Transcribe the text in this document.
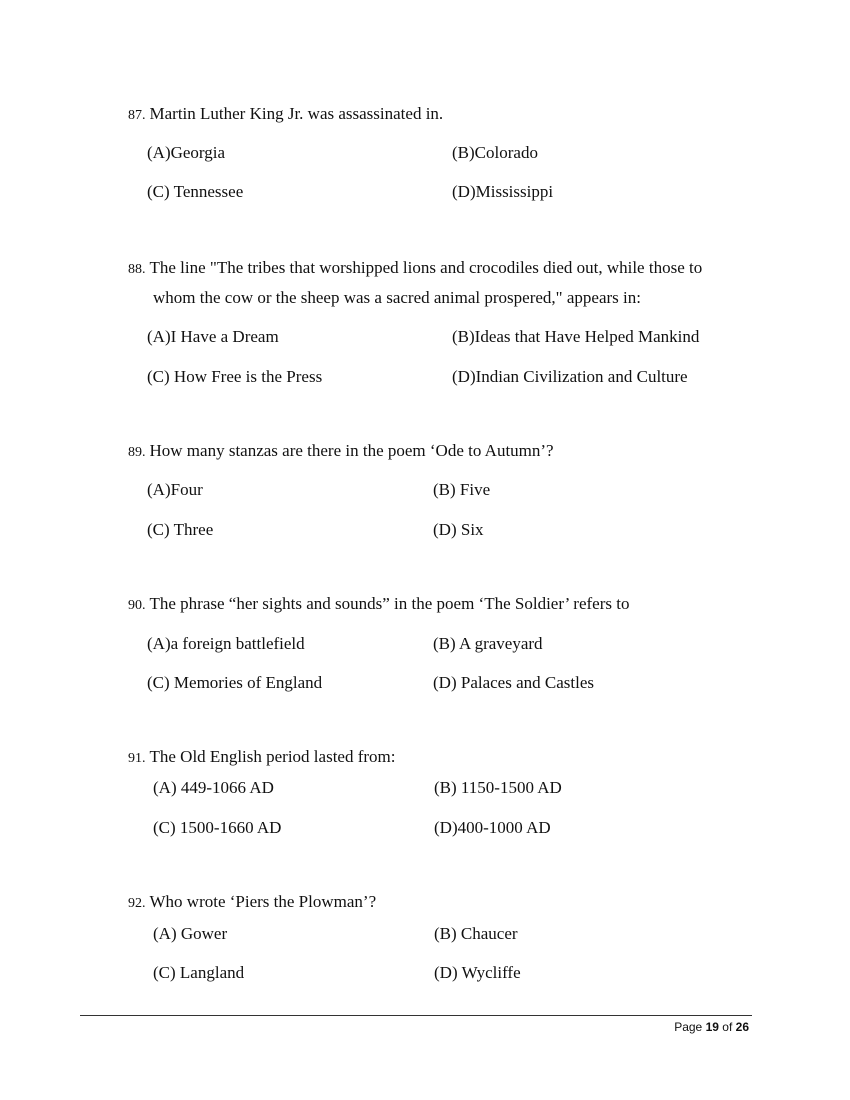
87. Martin Luther King Jr. was assassinated in.
(A)Georgia	(B)Colorado
(C) Tennessee	(D)Mississippi
88. The line "The tribes that worshipped lions and crocodiles died out, while those to
whom the cow or the sheep was a sacred animal prospered," appears in:
(A)I Have a Dream	(B)Ideas that Have Helped Mankind
(C) How Free is the Press	(D)Indian Civilization and Culture
89. How many stanzas are there in the poem ‘Ode to Autumn’?
(A)Four	(B) Five
(C) Three	(D) Six
90. The phrase “her sights and sounds” in the poem ‘The Soldier’ refers to
(A)a foreign battlefield	(B) A graveyard
(C) Memories of England	(D) Palaces and Castles
91. The Old English period lasted from:
(A) 449-1066 AD	(B) 1150-1500 AD
(C) 1500-1660 AD	(D)400-1000 AD
92. Who wrote ‘Piers the Plowman’?
(A) Gower	(B) Chaucer
(C) Langland	(D) Wycliffe
Page 19 of 26
